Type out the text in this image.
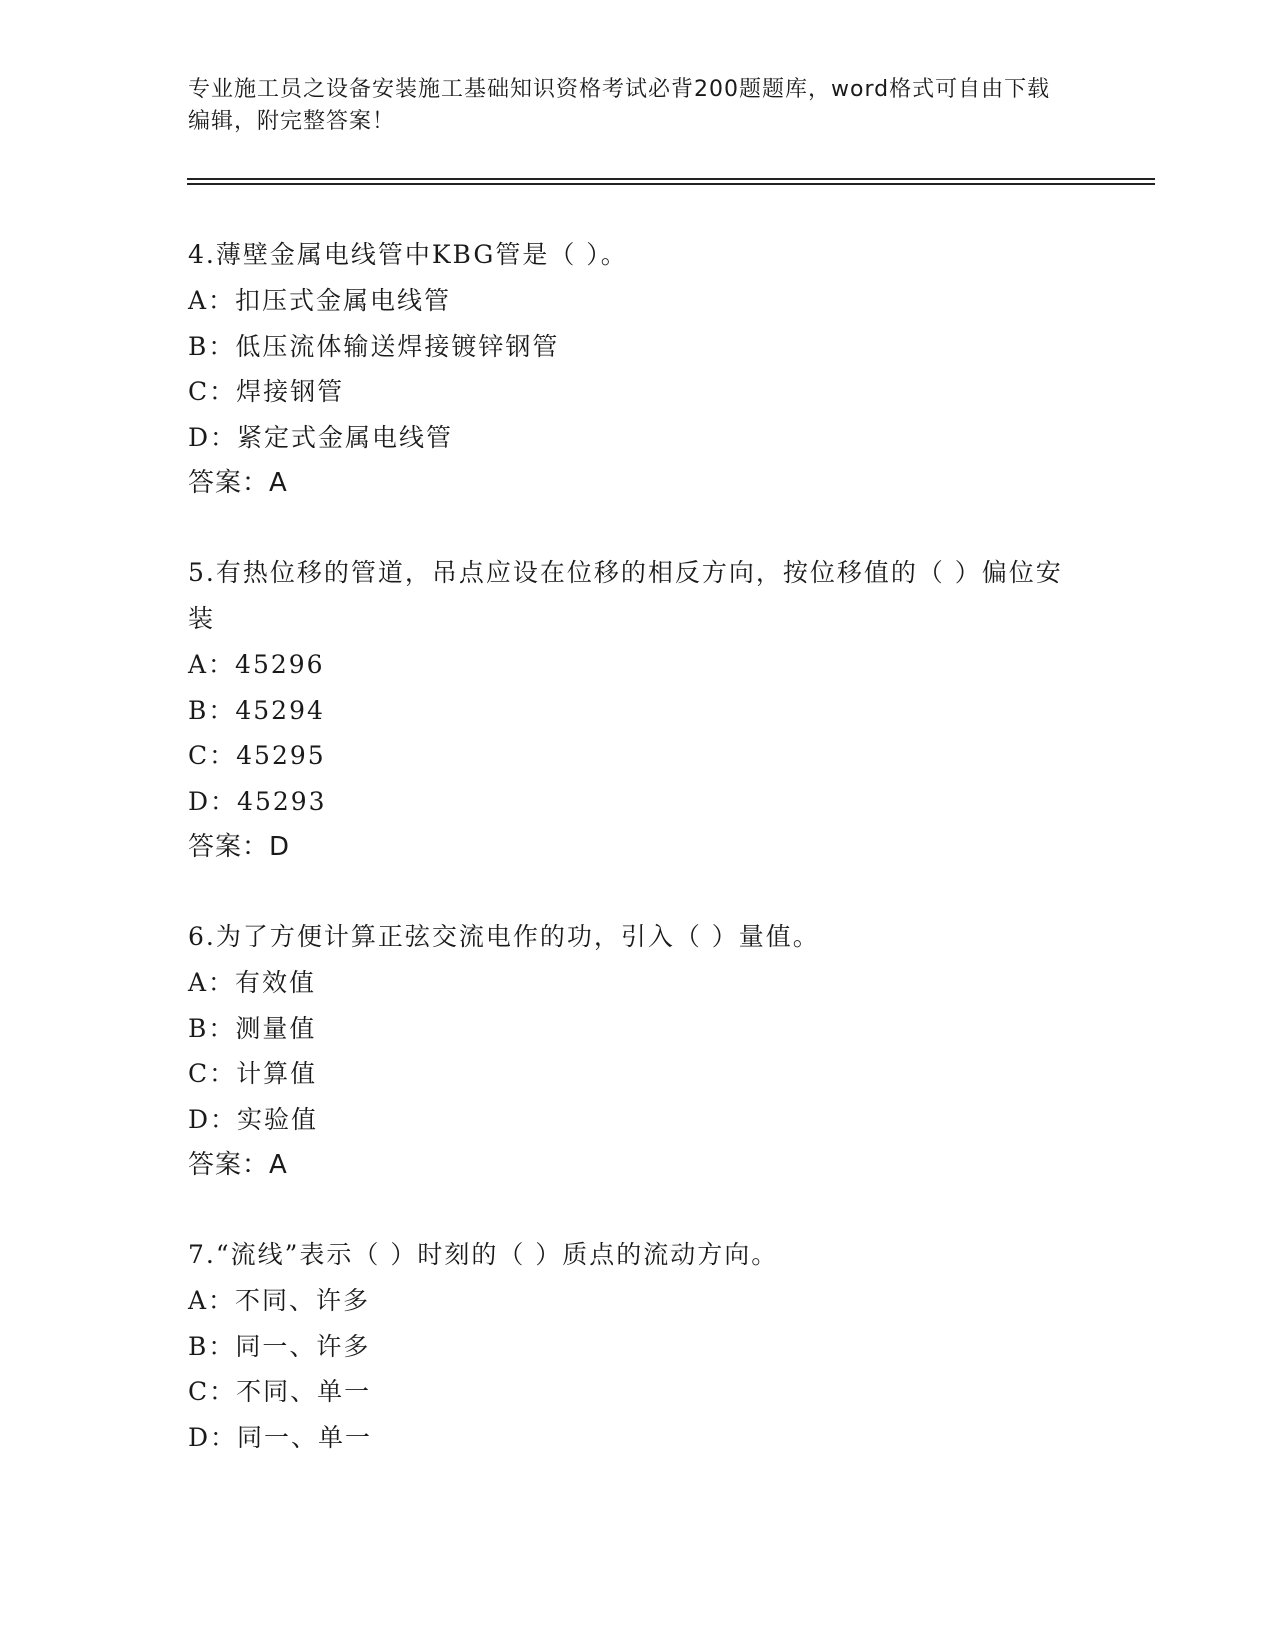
专业施工员之设备安装施工基础知识资格考试必背200题题库，word格式可自由下载编辑，附完整答案！

4.薄壁金属电线管中KBG管是（ ）。

A：扣压式金属电线管

B：低压流体输送焊接镀锌钢管

C：焊接钢管

D：紧定式金属电线管

答案：A

5.有热位移的管道，吊点应设在位移的相反方向，按位移值的（ ）偏位安装

A：45296

B：45294

C：45295

D：45293

答案：D

6.为了方便计算正弦交流电作的功，引入（ ）量值。

A：有效值

B：测量值

C：计算值

D：实验值

答案：A

7.“流线”表示（ ）时刻的（ ）质点的流动方向。

A：不同、许多

B：同一、许多

C：不同、单一

D：同一、单一
